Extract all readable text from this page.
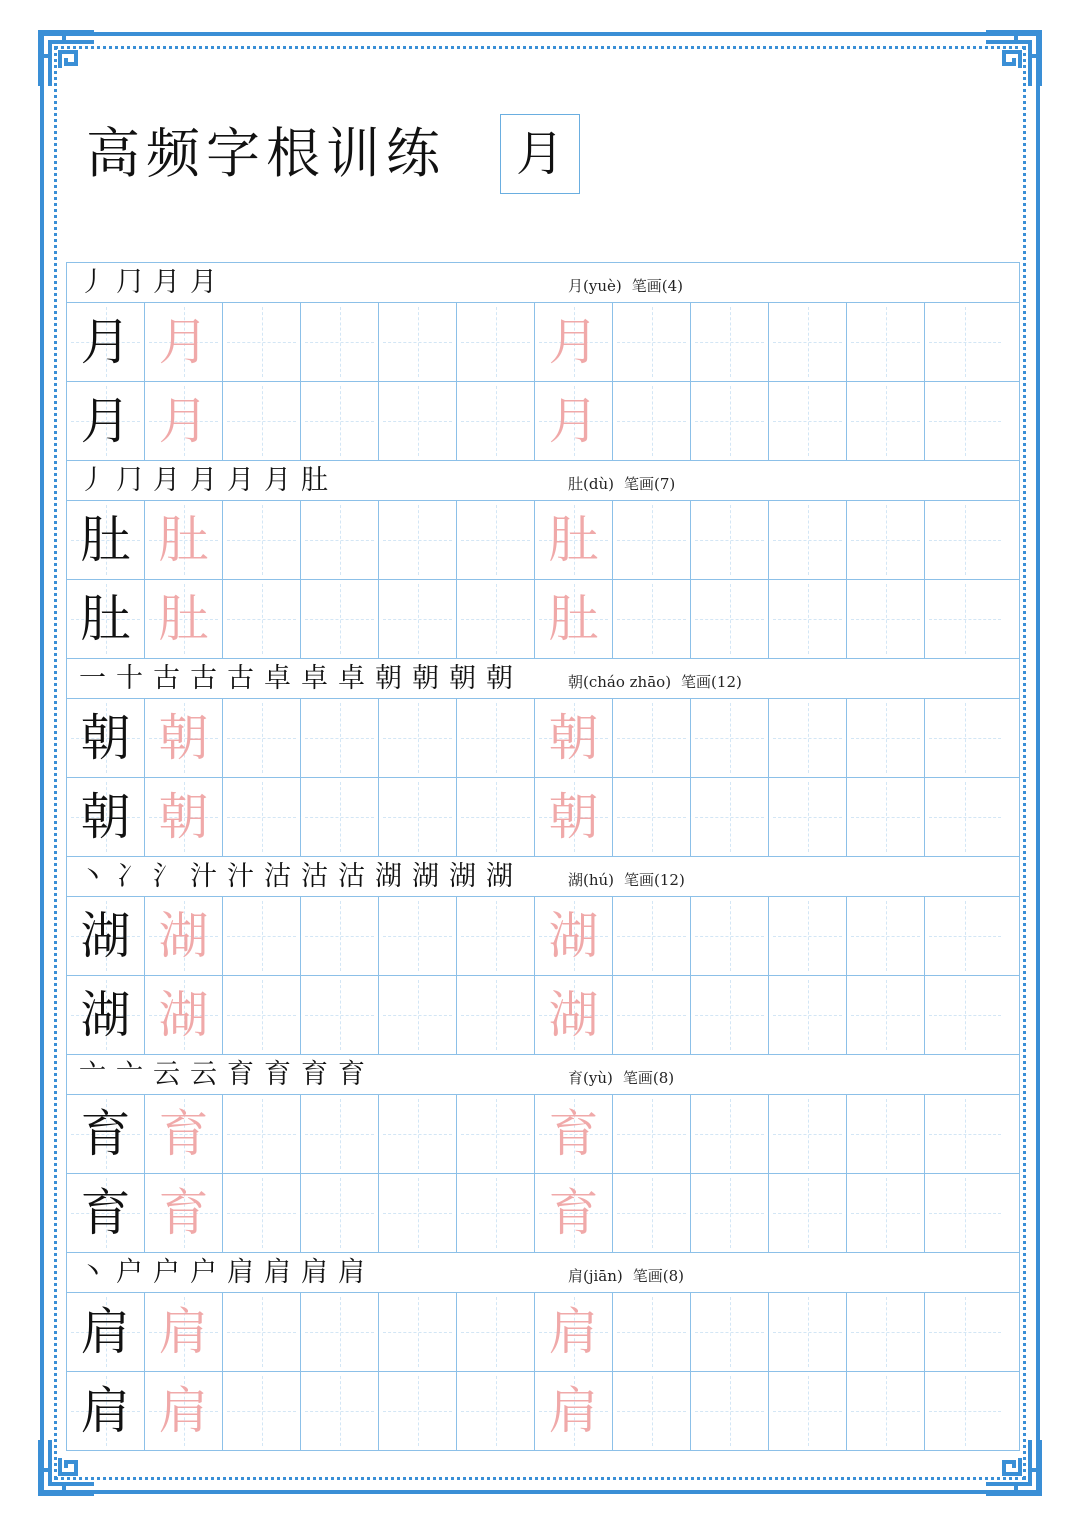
高频字根训练	月
丿 ⺆ 月 月	月(yuè) 笔画(4)
月 月	月
月 月	月
丿 ⺆ 月 月 月 月 肚	肚(dù) 笔画(7)
肚 肚	肚
肚 肚	肚
一 十 古 古 古 卓 卓 卓 朝 朝 朝 朝	朝(cháo zhāo) 笔画(12)
朝 朝	朝
朝 朝	朝
丶 冫 氵 汁 汁 沽 沽 沽 湖 湖 湖 湖	湖(hú) 笔画(12)
湖 湖	湖
湖 湖	湖
亠 亠 云 云 育 育 育 育	育(yù) 笔画(8)
育 育	育
育 育	育
丶 ⼾ 户 户 肩 肩 肩 肩	肩(jiān) 笔画(8)
肩 肩	肩
肩 肩	肩
